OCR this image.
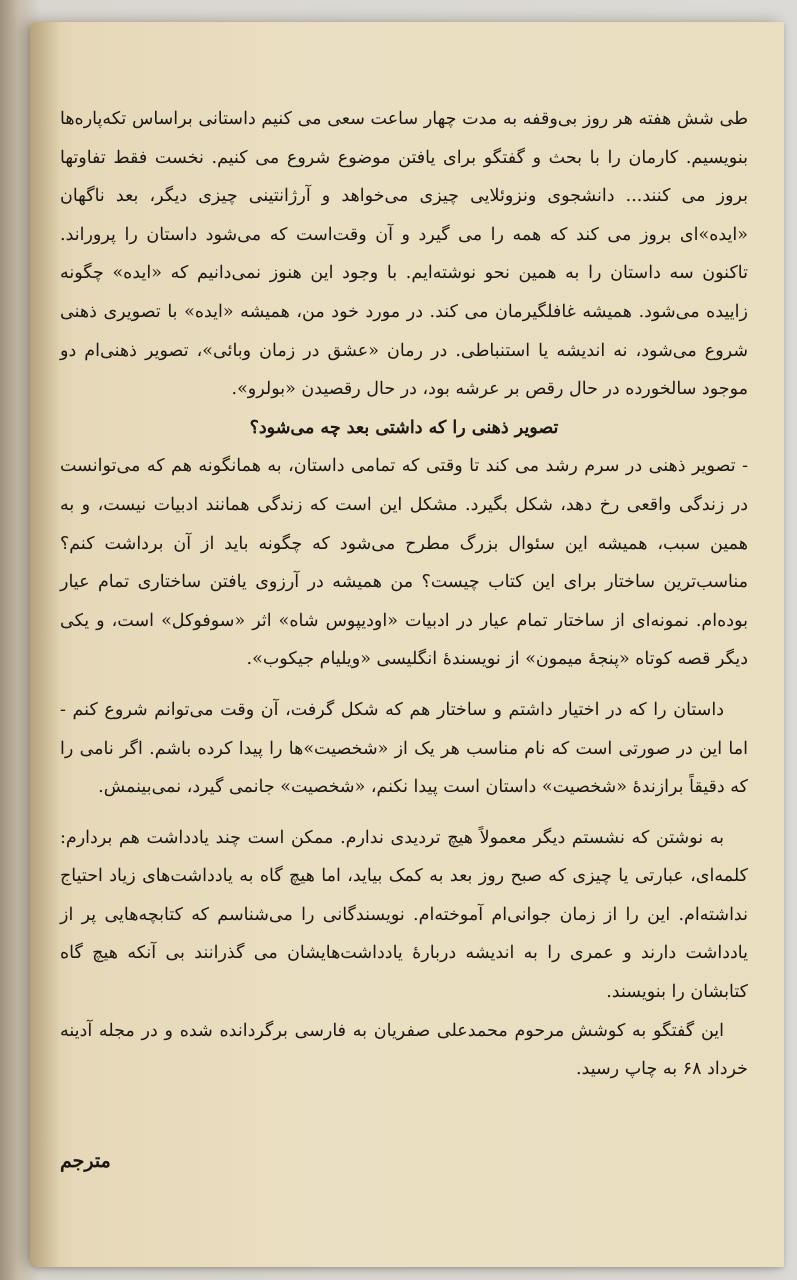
طی شش هفته هر روز بی‌وقفه به مدت چهار ساعت سعی می کنیم داستانی براساس تکه‌پاره‌ها بنویسیم. کارمان را با بحث و گفتگو برای یافتن موضوع شروع می کنیم. نخست فقط تفاوتها بروز می کنند... دانشجوی ونزوئلایی چیزی می‌خواهد و آرژانتینی چیزی دیگر، بعد ناگهان «ایده»‌ای بروز می کند که همه را می گیرد و آن وقت‌است که می‌شود داستان را پروراند. تاکنون سه داستان را به همین نحو نوشته‌ایم. با وجود این هنوز نمی‌دانیم که «ایده» چگونه زاییده می‌شود. همیشه غافلگیرمان می کند. در مورد خود من، همیشه «ایده» با تصویری ذهنی شروع می‌شود، نه اندیشه یا استنباطی. در رمان «عشق در زمان وبائی»، تصویر ذهنی‌ام دو موجود سالخورده در حال رقص بر عرشه بود، در حال رقصیدن «بولرو».

تصویر ذهنی را که داشتی بعد چه می‌شود؟

- تصویر ذهنی در سرم رشد می کند تا وقتی که تمامی داستان، به همانگونه هم که می‌توانست در زندگی واقعی رخ دهد، شکل بگیرد. مشکل این است که زندگی همانند ادبیات نیست، و به همین سبب، همیشه این سئوال بزرگ مطرح می‌شود که چگونه باید از آن برداشت کنم؟ مناسب‌ترین ساختار برای این کتاب چیست؟ من همیشه در آرزوی یافتن ساختاری تمام عیار بوده‌ام. نمونه‌ای از ساختار تمام عیار در ادبیات «اودیپوس شاه» اثر «سوفوکل» است، و یکی دیگر قصه کوتاه «پنجهٔ میمون» از نویسندهٔ انگلیسی «ویلیام جیکوب».

داستان را که در اختیار داشتم و ساختار هم که شکل گرفت، آن وقت می‌توانم شروع کنم - اما این در صورتی است که نام مناسب هر یک از «شخصیت»ها را پیدا کرده باشم. اگر نامی را که دقیقاً برازندهٔ «شخصیت» داستان است پیدا نکنم، «شخصیت» جانمی گیرد، نمی‌بینمش.

به نوشتن که نشستم دیگر معمولاً هیچ تردیدی ندارم. ممکن است چند یادداشت هم بردارم: کلمه‌ای، عبارتی یا چیزی که صبح روز بعد به کمک بیاید، اما هیچ گاه به یادداشت‌های زیاد احتیاج نداشته‌ام. این را از زمان جوانی‌ام آموخته‌ام. نویسندگانی را می‌شناسم که کتابچه‌هایی پر از یادداشت دارند و عمری را به اندیشه دربارهٔ یادداشت‌هایشان می گذرانند بی آنکه هیچ گاه کتابشان را بنویسند.

این گفتگو به کوشش مرحوم محمدعلی صفریان به فارسی برگردانده شده و در مجله آدینه خرداد ۶۸ به چاپ رسید.

مترجم
